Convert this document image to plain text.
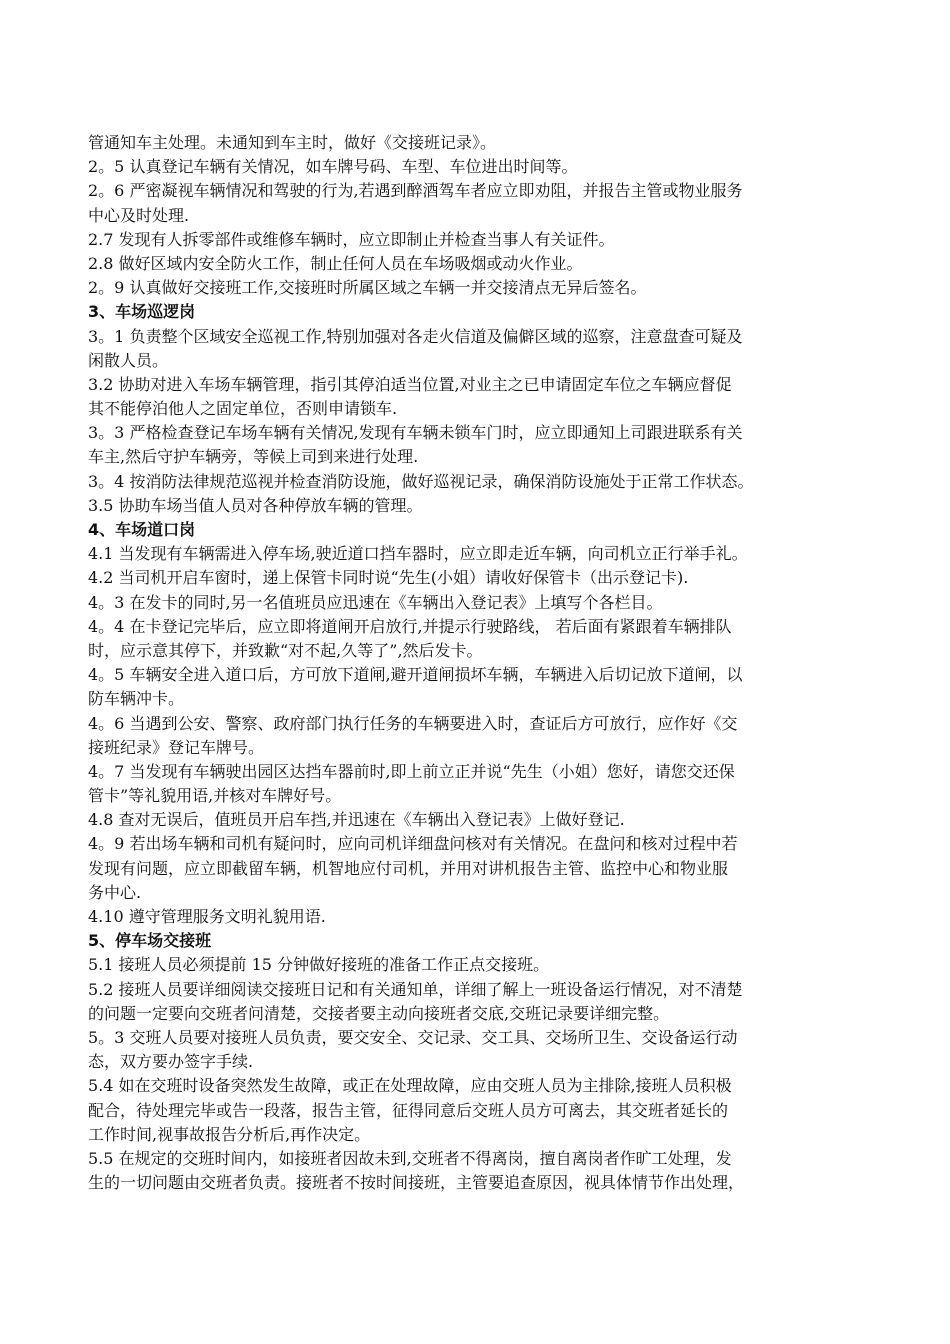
管通知车主处理。未通知到车主时，做好《交接班记录》。
2。5 认真登记车辆有关情况，如车牌号码、车型、车位进出时间等。
2。6 严密凝视车辆情况和驾驶的行为,若遇到醉酒驾车者应立即劝阻，并报告主管或物业服务
中心及时处理.
2.7 发现有人拆零部件或维修车辆时，应立即制止并检查当事人有关证件。
2.8 做好区域内安全防火工作，制止任何人员在车场吸烟或动火作业。
2。9 认真做好交接班工作,交接班时所属区域之车辆一并交接清点无异后签名。
3、车场巡逻岗
3。1 负责整个区域安全巡视工作,特别加强对各走火信道及偏僻区域的巡察，注意盘查可疑及
闲散人员。
3.2 协助对进入车场车辆管理，指引其停泊适当位置,对业主之已申请固定车位之车辆应督促
其不能停泊他人之固定单位，否则申请锁车.
3。3 严格检查登记车场车辆有关情况,发现有车辆未锁车门时，应立即通知上司跟进联系有关
车主,然后守护车辆旁，等候上司到来进行处理.
3。4 按消防法律规范巡视并检查消防设施，做好巡视记录，确保消防设施处于正常工作状态。
3.5 协助车场当值人员对各种停放车辆的管理。
4、车场道口岗
4.1 当发现有车辆需进入停车场,驶近道口挡车器时，应立即走近车辆，向司机立正行举手礼。
4.2 当司机开启车窗时，递上保管卡同时说“先生(小姐）请收好保管卡（出示登记卡).
4。3 在发卡的同时,另一名值班员应迅速在《车辆出入登记表》上填写个各栏目。
4。4 在卡登记完毕后，应立即将道闸开启放行,并提示行驶路线， 若后面有紧跟着车辆排队
时，应示意其停下，并致歉“对不起,久等了”,然后发卡。
4。5 车辆安全进入道口后，方可放下道闸,避开道闸损坏车辆，车辆进入后切记放下道闸，以
防车辆冲卡。
4。6 当遇到公安、警察、政府部门执行任务的车辆要进入时，查证后方可放行，应作好《交
接班纪录》登记车牌号。
4。7 当发现有车辆驶出园区达挡车器前时,即上前立正并说“先生（小姐）您好，请您交还保
管卡”等礼貌用语,并核对车牌好号。
4.8 查对无误后，值班员开启车挡,并迅速在《车辆出入登记表》上做好登记.
4。9 若出场车辆和司机有疑问时，应向司机详细盘问核对有关情况。在盘问和核对过程中若
发现有问题，应立即截留车辆，机智地应付司机，并用对讲机报告主管、监控中心和物业服
务中心.
4.10 遵守管理服务文明礼貌用语.
5、停车场交接班
5.1 接班人员必须提前 15 分钟做好接班的准备工作正点交接班。
5.2 接班人员要详细阅读交接班日记和有关通知单，详细了解上一班设备运行情况，对不清楚
的问题一定要向交班者问清楚，交接者要主动向接班者交底,交班记录要详细完整。
5。3 交班人员要对接班人员负责，要交安全、交记录、交工具、交场所卫生、交设备运行动
态，双方要办签字手续.
5.4 如在交班时设备突然发生故障，或正在处理故障，应由交班人员为主排除,接班人员积极
配合，待处理完毕或告一段落，报告主管，征得同意后交班人员方可离去，其交班者延长的
工作时间,视事故报告分析后,再作决定。
5.5 在规定的交班时间内，如接班者因故未到,交班者不得离岗，擅自离岗者作旷工处理，发
生的一切问题由交班者负责。接班者不按时间接班，主管要追查原因，视具体情节作出处理，
